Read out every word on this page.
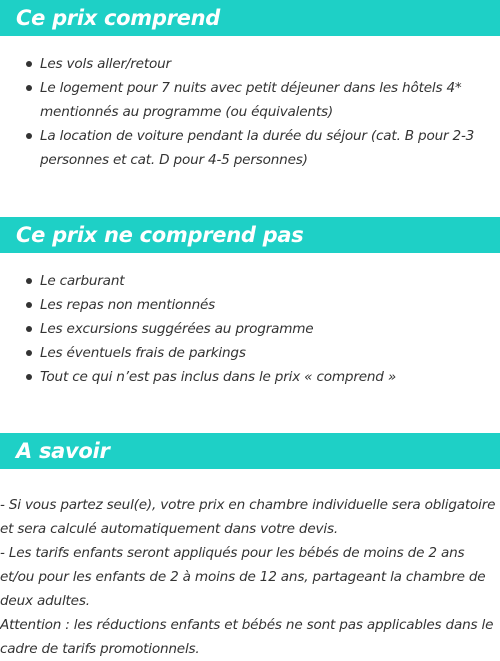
Ce prix comprend
Les vols aller/retour
Le logement pour 7 nuits avec petit déjeuner dans les hôtels 4* mentionnés au programme (ou équivalents)
La location de voiture pendant la durée du séjour (cat. B pour 2-3 personnes et cat. D pour 4-5 personnes)
Ce prix ne comprend pas
Le carburant
Les repas non mentionnés
Les excursions suggérées au programme
Les éventuels frais de parkings
Tout ce qui n’est pas inclus dans le prix « comprend »
A savoir

- Si vous partez seul(e), votre prix en chambre individuelle sera obligatoire et sera calculé automatiquement dans votre devis.

- Les tarifs enfants seront appliqués pour les bébés de moins de 2 ans et/ou pour les enfants de 2 à moins de 12 ans, partageant la chambre de deux adultes.

Attention : les réductions enfants et bébés ne sont pas applicables dans le cadre de tarifs promotionnels.
